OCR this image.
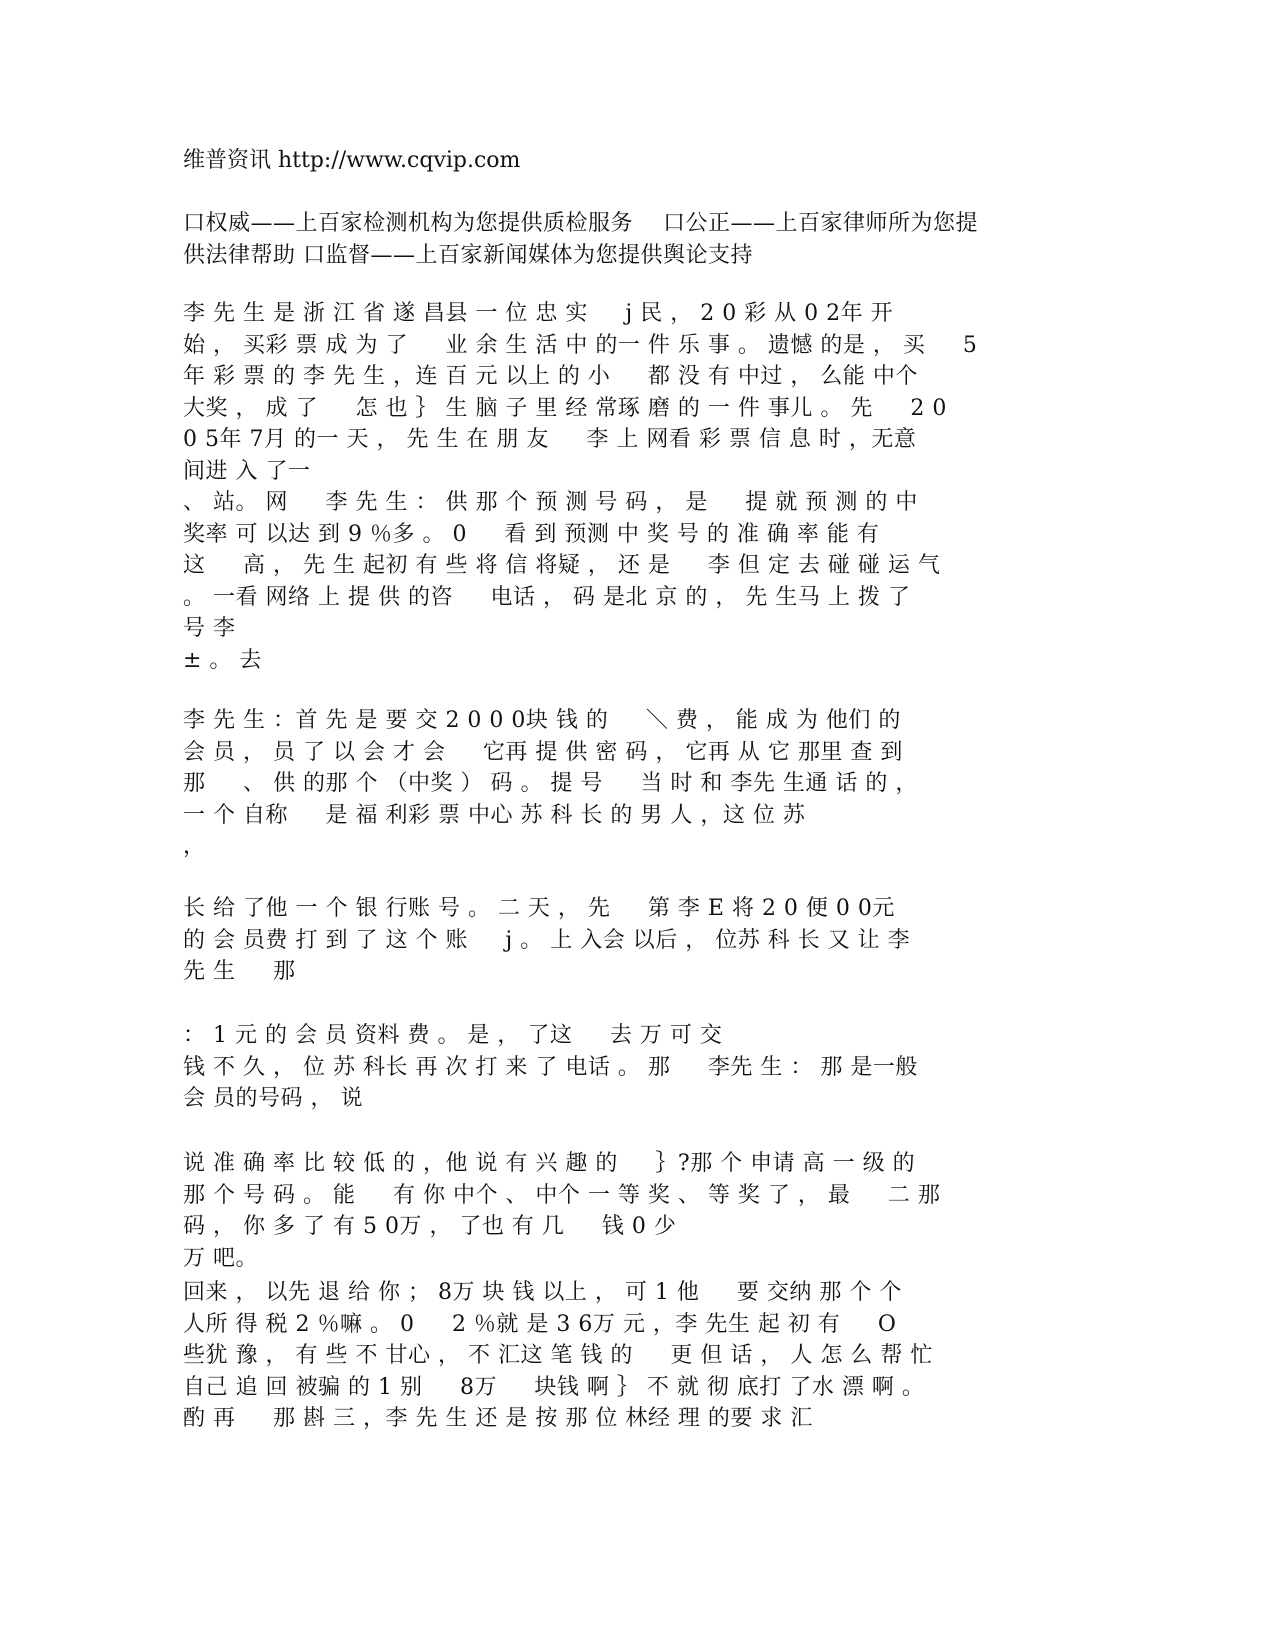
维普资讯 http://www.cqvip.com
口权威——上百家检测机构为您提供质检服务　 口公正——上百家律师所为您提
供法律帮助 口监督——上百家新闻媒体为您提供舆论支持
李 先 生 是 浙 江 省 遂 昌县 一 位 忠 实 　 j 民 ， 2 0 彩 从 0 2年 开
始 ， 买彩 票 成 为 了 　 业 余 生 活 中 的一 件 乐 事 。 遗憾 的是 ， 买 　 5
年 彩 票 的 李 先 生 ，连 百 元 以上 的 小 　 都 没 有 中过 ， 么能 中个
大奖 ， 成 了 　 怎 也 ｝ 生 脑 子 里 经 常琢 磨 的 一 件 事儿 。 先 　 2 0
0 5年 7月 的一 天 ， 先 生 在 朋 友 　 李 上 网看 彩 票 信 息 时 ，无意
间进 入 了一
、 站。 网 　 李 先 生 ： 供 那 个 预 测 号 码 ， 是 　 提 就 预 测 的 中
奖率 可 以达 到 9 ％多 。 0 　 看 到 预测 中 奖 号 的 准 确 率 能 有
这 　 高 ， 先 生 起初 有 些 将 信 将疑 ， 还 是 　 李 但 定 去 碰 碰 运 气
。 一看 网络 上 提 供 的咨 　 电话 ， 码 是北 京 的 ， 先 生马 上 拨 了
号 李
± 。 去
李 先 生 ：首 先 是 要 交 2 0 0 0块 钱 的 　 ＼ 费 ， 能 成 为 他们 的
会 员 ， 员 了 以 会 才 会 　 它再 提 供 密 码 ， 它再 从 它 那里 查 到
那 　 、 供 的那 个 （中奖 ） 码 。 提 号 　 当 时 和 李先 生通 话 的 ，
一 个 自称 　 是 福 利彩 票 中心 苏 科 长 的 男 人 ，这 位 苏
，
长 给 了他 一 个 银 行账 号 。 二 天 ， 先 　 第 李 E 将 2 0 便 0 0元
的 会 员费 打 到 了 这 个 账 　 j 。 上 入会 以后 ， 位苏 科 长 又 让 李
先 生 　 那
： 1 元 的 会 员 资料 费 。 是 ， 了这 　 去 万 可 交
钱 不 久 ， 位 苏 科长 再 次 打 来 了 电话 。 那 　 李先 生 ： 那 是一般
会 员的号码 ， 说
说 准 确 率 比 较 低 的 ，他 说 有 兴 趣 的 　 ｝?那 个 申请 高 一 级 的
那 个 号 码 。 能 　 有 你 中个 、 中个 一 等 奖 、 等 奖 了 ， 最 　 二 那
码 ， 你 多 了 有 5 0万 ， 了也 有 几 　 钱 0 少
万 吧。
回来 ， 以先 退 给 你 ； 8万 块 钱 以上 ， 可 1 他 　 要 交纳 那 个 个
人所 得 税 2 ％嘛 。 0 　 2 ％就 是 3 6万 元 ，李 先生 起 初 有 　 O
些犹 豫 ， 有 些 不 甘心 ， 不 汇这 笔 钱 的 　 更 但 话 ， 人 怎 么 帮 忙
自己 追 回 被骗 的 1 别 　 8万 　 块钱 啊 ｝ 不 就 彻 底打 了水 漂 啊 。
酌 再 　 那 斟 三 ，李 先 生 还 是 按 那 位 林经 理 的要 求 汇
